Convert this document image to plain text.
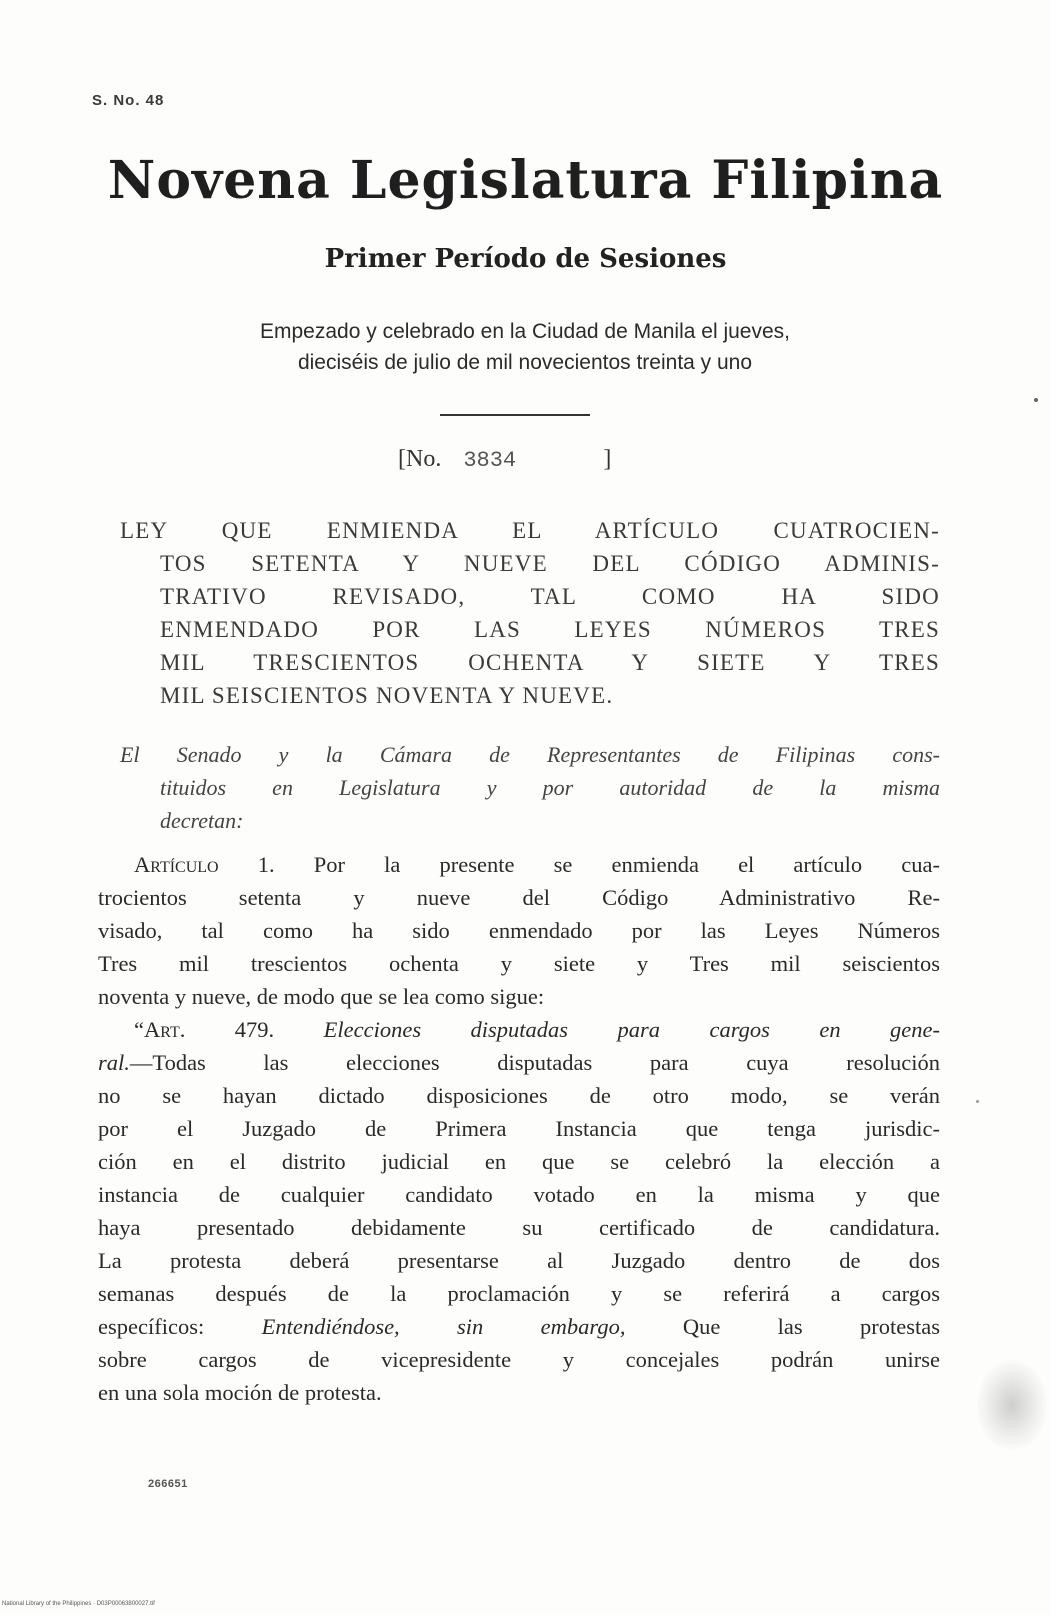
S. No. 48
Novena Legislatura Filipina
Primer Período de Sesiones
Empezado y celebrado en la Ciudad de Manila el jueves,
dieciséis de julio de mil novecientos treinta y uno
[No. 3834	]
LEY QUE ENMIENDA EL ARTÍCULO CUATROCIEN-
TOS SETENTA Y NUEVE DEL CÓDIGO ADMINIS-
TRATIVO REVISADO, TAL COMO HA SIDO
ENMENDADO POR LAS LEYES NÚMEROS TRES
MIL TRESCIENTOS OCHENTA Y SIETE Y TRES
MIL SEISCIENTOS NOVENTA Y NUEVE.
El Senado y la Cámara de Representantes de Filipinas cons-
tituidos en Legislatura y por autoridad de la misma
decretan:
Artículo 1. Por la presente se enmienda el artículo cua-
trocientos setenta y nueve del Código Administrativo Re-
visado, tal como ha sido enmendado por las Leyes Números
Tres mil trescientos ochenta y siete y Tres mil seiscientos
noventa y nueve, de modo que se lea como sigue:
“Art. 479. Elecciones disputadas para cargos en gene-
ral.—Todas las elecciones disputadas para cuya resolución
no se hayan dictado disposiciones de otro modo, se verán
por el Juzgado de Primera Instancia que tenga jurisdic-
ción en el distrito judicial en que se celebró la elección a
instancia de cualquier candidato votado en la misma y que
haya presentado debidamente su certificado de candidatura.
La protesta deberá presentarse al Juzgado dentro de dos
semanas después de la proclamación y se referirá a cargos
específicos:	Entendiéndose, sin embargo,	Que las protestas
sobre cargos de vicepresidente y concejales podrán unirse
en una sola moción de protesta.
266651
National Library of the Philippines · D03P00063800027.tif
